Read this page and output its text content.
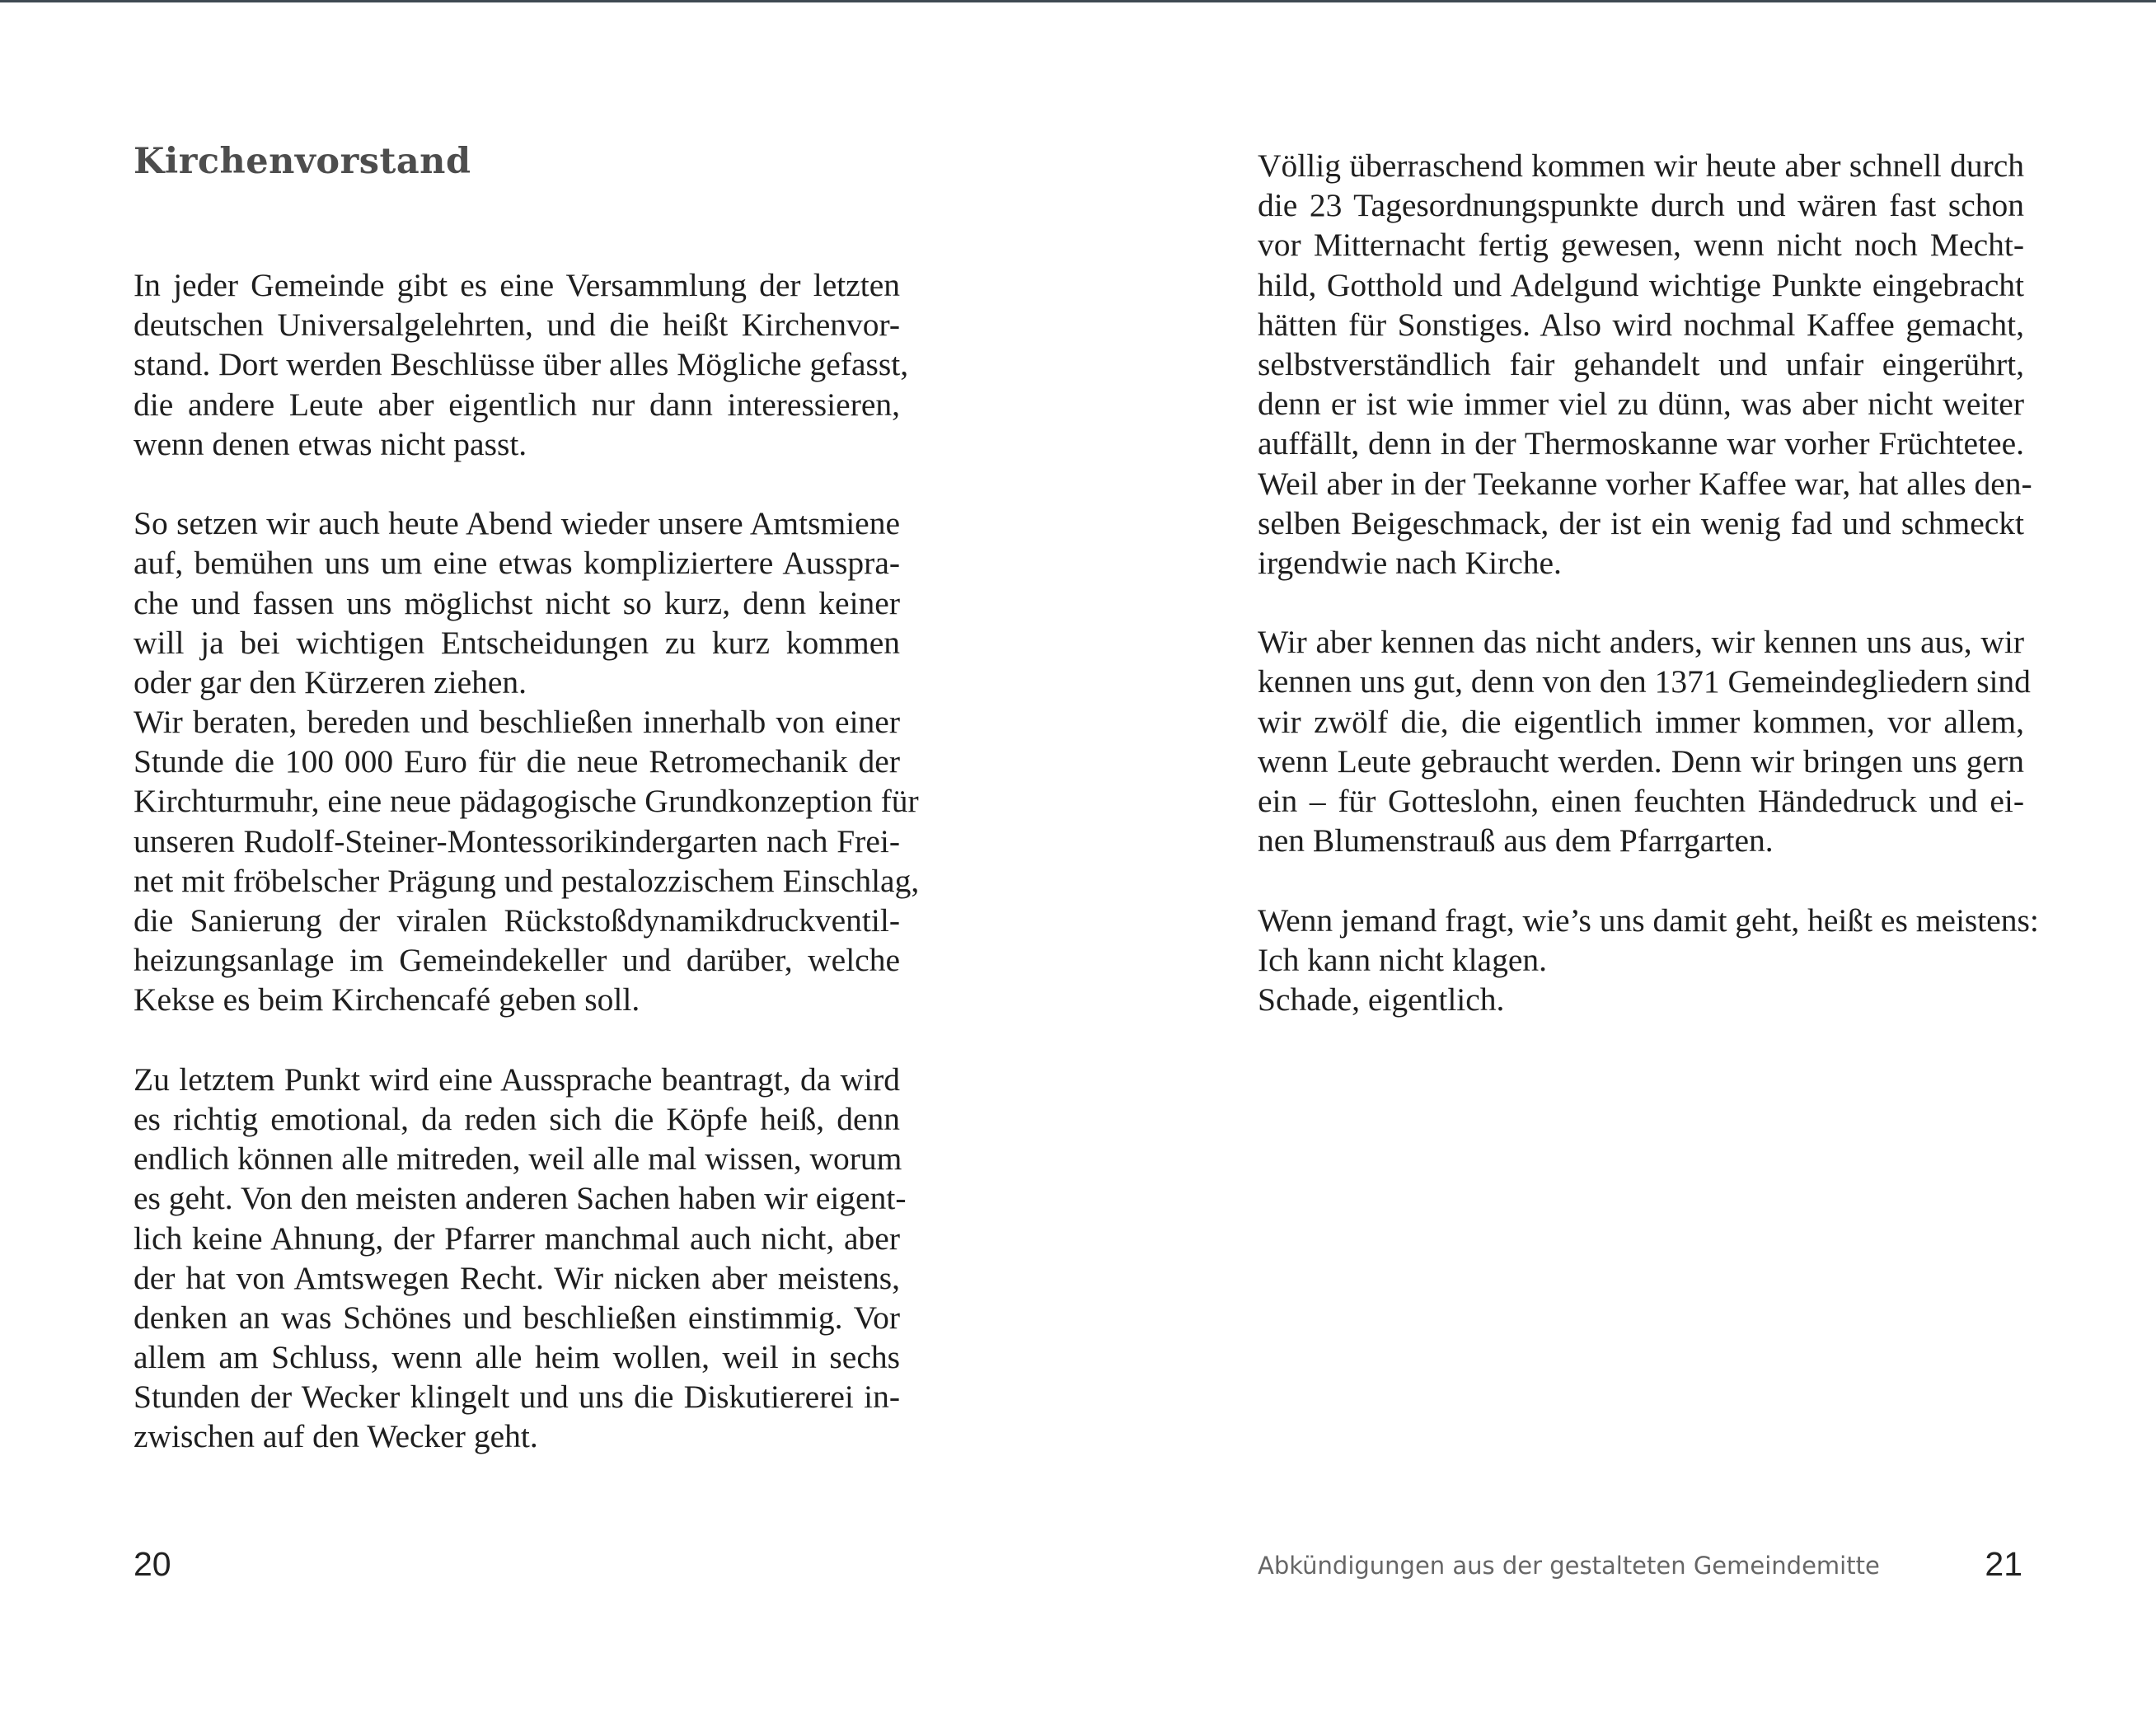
Kirchenvorstand
In jeder Gemeinde gibt es eine Versammlung der letzten
deutschen Universalgelehrten, und die heißt Kirchenvor-
stand. Dort werden Beschlüsse über alles Mögliche gefasst,
die andere Leute aber eigentlich nur dann interessieren,
wenn denen etwas nicht passt.
So setzen wir auch heute Abend wieder unsere Amtsmiene
auf, bemühen uns um eine etwas kompliziertere Ausspra-
che und fassen uns möglichst nicht so kurz, denn keiner
will ja bei wichtigen Entscheidungen zu kurz kommen
oder gar den Kürzeren ziehen.
Wir beraten, bereden und beschließen innerhalb von einer
Stunde die 100 000 Euro für die neue Retromechanik der
Kirchturmuhr, eine neue pädagogische Grundkonzeption für
unseren Rudolf-Steiner-Montessorikindergarten nach Frei-
net mit fröbelscher Prägung und pestalozzischem Einschlag,
die Sanierung der viralen Rückstoßdynamikdruckventil-
heizungsanlage im Gemeindekeller und darüber, welche
Kekse es beim Kirchencafé geben soll.
Zu letztem Punkt wird eine Aussprache beantragt, da wird
es richtig emotional, da reden sich die Köpfe heiß, denn
endlich können alle mitreden, weil alle mal wissen, worum
es geht. Von den meisten anderen Sachen haben wir eigent-
lich keine Ahnung, der Pfarrer manchmal auch nicht, aber
der hat von Amtswegen Recht. Wir nicken aber meistens,
denken an was Schönes und beschließen einstimmig. Vor
allem am Schluss, wenn alle heim wollen, weil in sechs
Stunden der Wecker klingelt und uns die Diskutiererei in-
zwischen auf den Wecker geht.
20
Völlig überraschend kommen wir heute aber schnell durch
die 23 Tagesordnungspunkte durch und wären fast schon
vor Mitternacht fertig gewesen, wenn nicht noch Mecht-
hild, Gotthold und Adelgund wichtige Punkte eingebracht
hätten für Sonstiges. Also wird nochmal Kaffee gemacht,
selbstverständlich fair gehandelt und unfair eingerührt,
denn er ist wie immer viel zu dünn, was aber nicht weiter
auffällt, denn in der Thermoskanne war vorher Früchtetee.
Weil aber in der Teekanne vorher Kaffee war, hat alles den-
selben Beigeschmack, der ist ein wenig fad und schmeckt
irgendwie nach Kirche.
Wir aber kennen das nicht anders, wir kennen uns aus, wir
kennen uns gut, denn von den 1371 Gemeindegliedern sind
wir zwölf die, die eigentlich immer kommen, vor allem,
wenn Leute gebraucht werden. Denn wir bringen uns gern
ein – für Gotteslohn, einen feuchten Händedruck und ei-
nen Blumenstrauß aus dem Pfarrgarten.
Wenn jemand fragt, wie’s uns damit geht, heißt es meistens:
Ich kann nicht klagen.
Schade, eigentlich.
Abkündigungen aus der gestalteten Gemeindemitte	21
